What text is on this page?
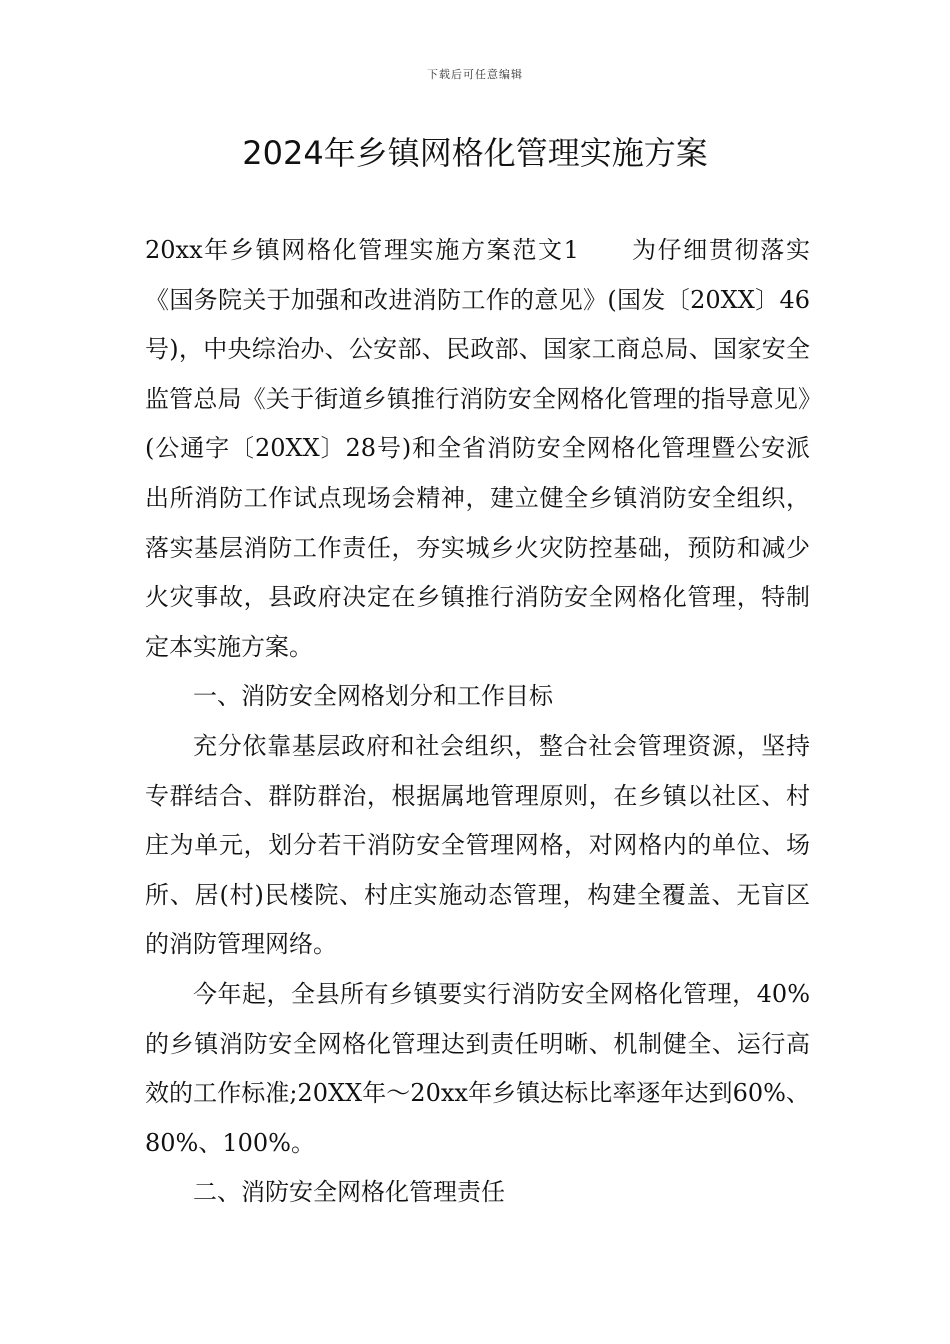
下载后可任意编辑
2024年乡镇网格化管理实施方案

20xx年乡镇网格化管理实施方案范文1　　为仔细贯彻落实《国务院关于加强和改进消防工作的意见》(国发〔20XX〕46号)，中央综治办、公安部、民政部、国家工商总局、国家安全监管总局《关于街道乡镇推行消防安全网格化管理的指导意见》(公通字〔20XX〕28号)和全省消防安全网格化管理暨公安派出所消防工作试点现场会精神，建立健全乡镇消防安全组织，落实基层消防工作责任，夯实城乡火灾防控基础，预防和减少火灾事故，县政府决定在乡镇推行消防安全网格化管理，特制定本实施方案。

一、消防安全网格划分和工作目标

充分依靠基层政府和社会组织，整合社会管理资源，坚持专群结合、群防群治，根据属地管理原则，在乡镇以社区、村庄为单元，划分若干消防安全管理网格，对网格内的单位、场所、居(村)民楼院、村庄实施动态管理，构建全覆盖、无盲区的消防管理网络。

今年起，全县所有乡镇要实行消防安全网格化管理，40%的乡镇消防安全网格化管理达到责任明晰、机制健全、运行高效的工作标准;20XX年～20xx年乡镇达标比率逐年达到60%、80%、100%。

二、消防安全网格化管理责任
